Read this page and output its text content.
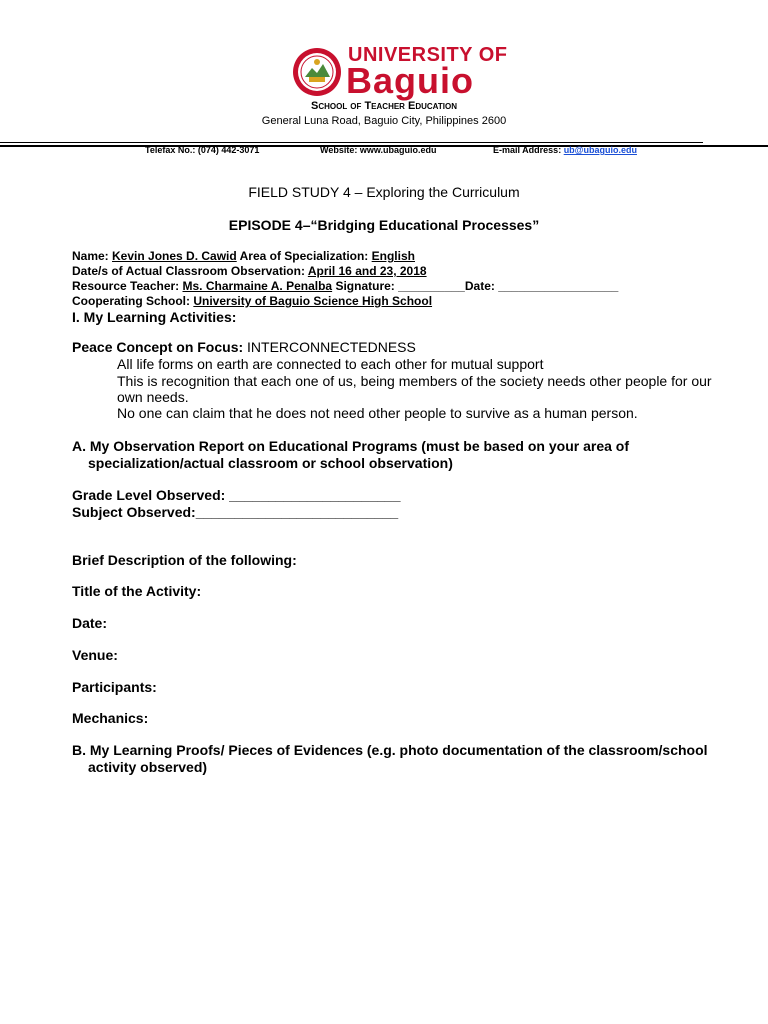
UNIVERSITY OF
Baguio
School of Teacher Education
General Luna Road, Baguio City, Philippines 2600
Telefax No.: (074) 442-3071	Website: www.ubaguio.edu	E-mail Address: ub@ubaguio.edu
FIELD STUDY 4 – Exploring the Curriculum
EPISODE 4–“Bridging Educational Processes”
Name: Kevin Jones D. Cawid Area of Specialization: English
Date/s of Actual Classroom Observation: April 16 and 23, 2018
Resource Teacher: Ms. Charmaine A. Penalba Signature: __________Date: __________________
Cooperating School: University of Baguio Science High School
I. My Learning Activities:
Peace Concept on Focus: INTERCONNECTEDNESS
All life forms on earth are connected to each other for mutual support
This is recognition that each one of us, being members of the society needs other people for our
own needs.
No one can claim that he does not need other people to survive as a human person.
A. My Observation Report on Educational Programs (must be based on your area of
specialization/actual classroom or school observation)
Grade Level Observed: ______________________
Subject Observed:__________________________
Brief Description of the following:
Title of the Activity:
Date:
Venue:
Participants:
Mechanics:
B. My Learning Proofs/ Pieces of Evidences (e.g. photo documentation of the classroom/school
activity observed)
